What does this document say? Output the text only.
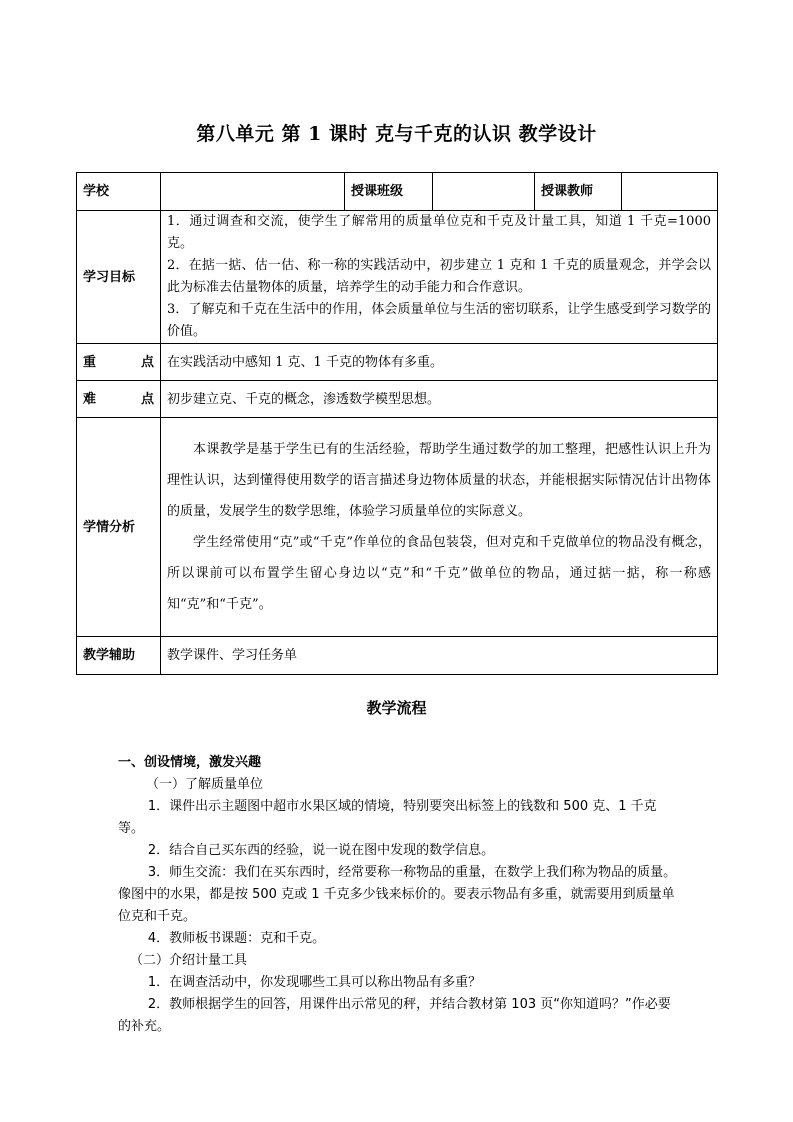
第八单元 第 1 课时 克与千克的认识 教学设计
学校		授课班级		授课教师	
学习目标	1．通过调查和交流，使学生了解常用的质量单位克和千克及计量工具，知道 1 千克=1000 克。

2．在掂一掂、估一估、称一称的实践活动中，初步建立 1 克和 1 千克的质量观念，并学会以此为标准去估量物体的质量，培养学生的动手能力和合作意识。

3．了解克和千克在生活中的作用，体会质量单位与生活的密切联系，让学生感受到学习数学的价值。				

重点	在实践活动中感知 1 克、1 千克的物体有多重。				
难点	初步建立克、千克的概念，渗透数学模型思想。				
学情分析	本课教学是基于学生已有的生活经验，帮助学生通过数学的加工整理，把感性认识上升为理性认识，达到懂得使用数学的语言描述身边物体质量的状态，并能根据实际情况估计出物体的质量，发展学生的数学思维，体验学习质量单位的实际意义。

学生经常使用“克”或“千克”作单位的食品包装袋，但对克和千克做单位的物品没有概念，所以课前可以布置学生留心身边以“克”和“千克”做单位的物品，通过掂一掂，称一称感知“克”和“千克”。				

教学辅助	教学课件、学习任务单				
教学流程

一、创设情境，激发兴趣

（一）了解质量单位

1．课件出示主题图中超市水果区域的情境，特别要突出标签上的钱数和 500 克、1 千克等。

2．结合自己买东西的经验，说一说在图中发现的数学信息。

3．师生交流：我们在买东西时，经常要称一称物品的重量，在数学上我们称为物品的质量。像图中的水果，都是按 500 克或 1 千克多少钱来标价的。要表示物品有多重，就需要用到质量单位克和千克。

4．教师板书课题：克和千克。

（二）介绍计量工具

1．在调查活动中，你发现哪些工具可以称出物品有多重？

2．教师根据学生的回答，用课件出示常见的秤，并结合教材第 103 页“你知道吗？”作必要的补充。
